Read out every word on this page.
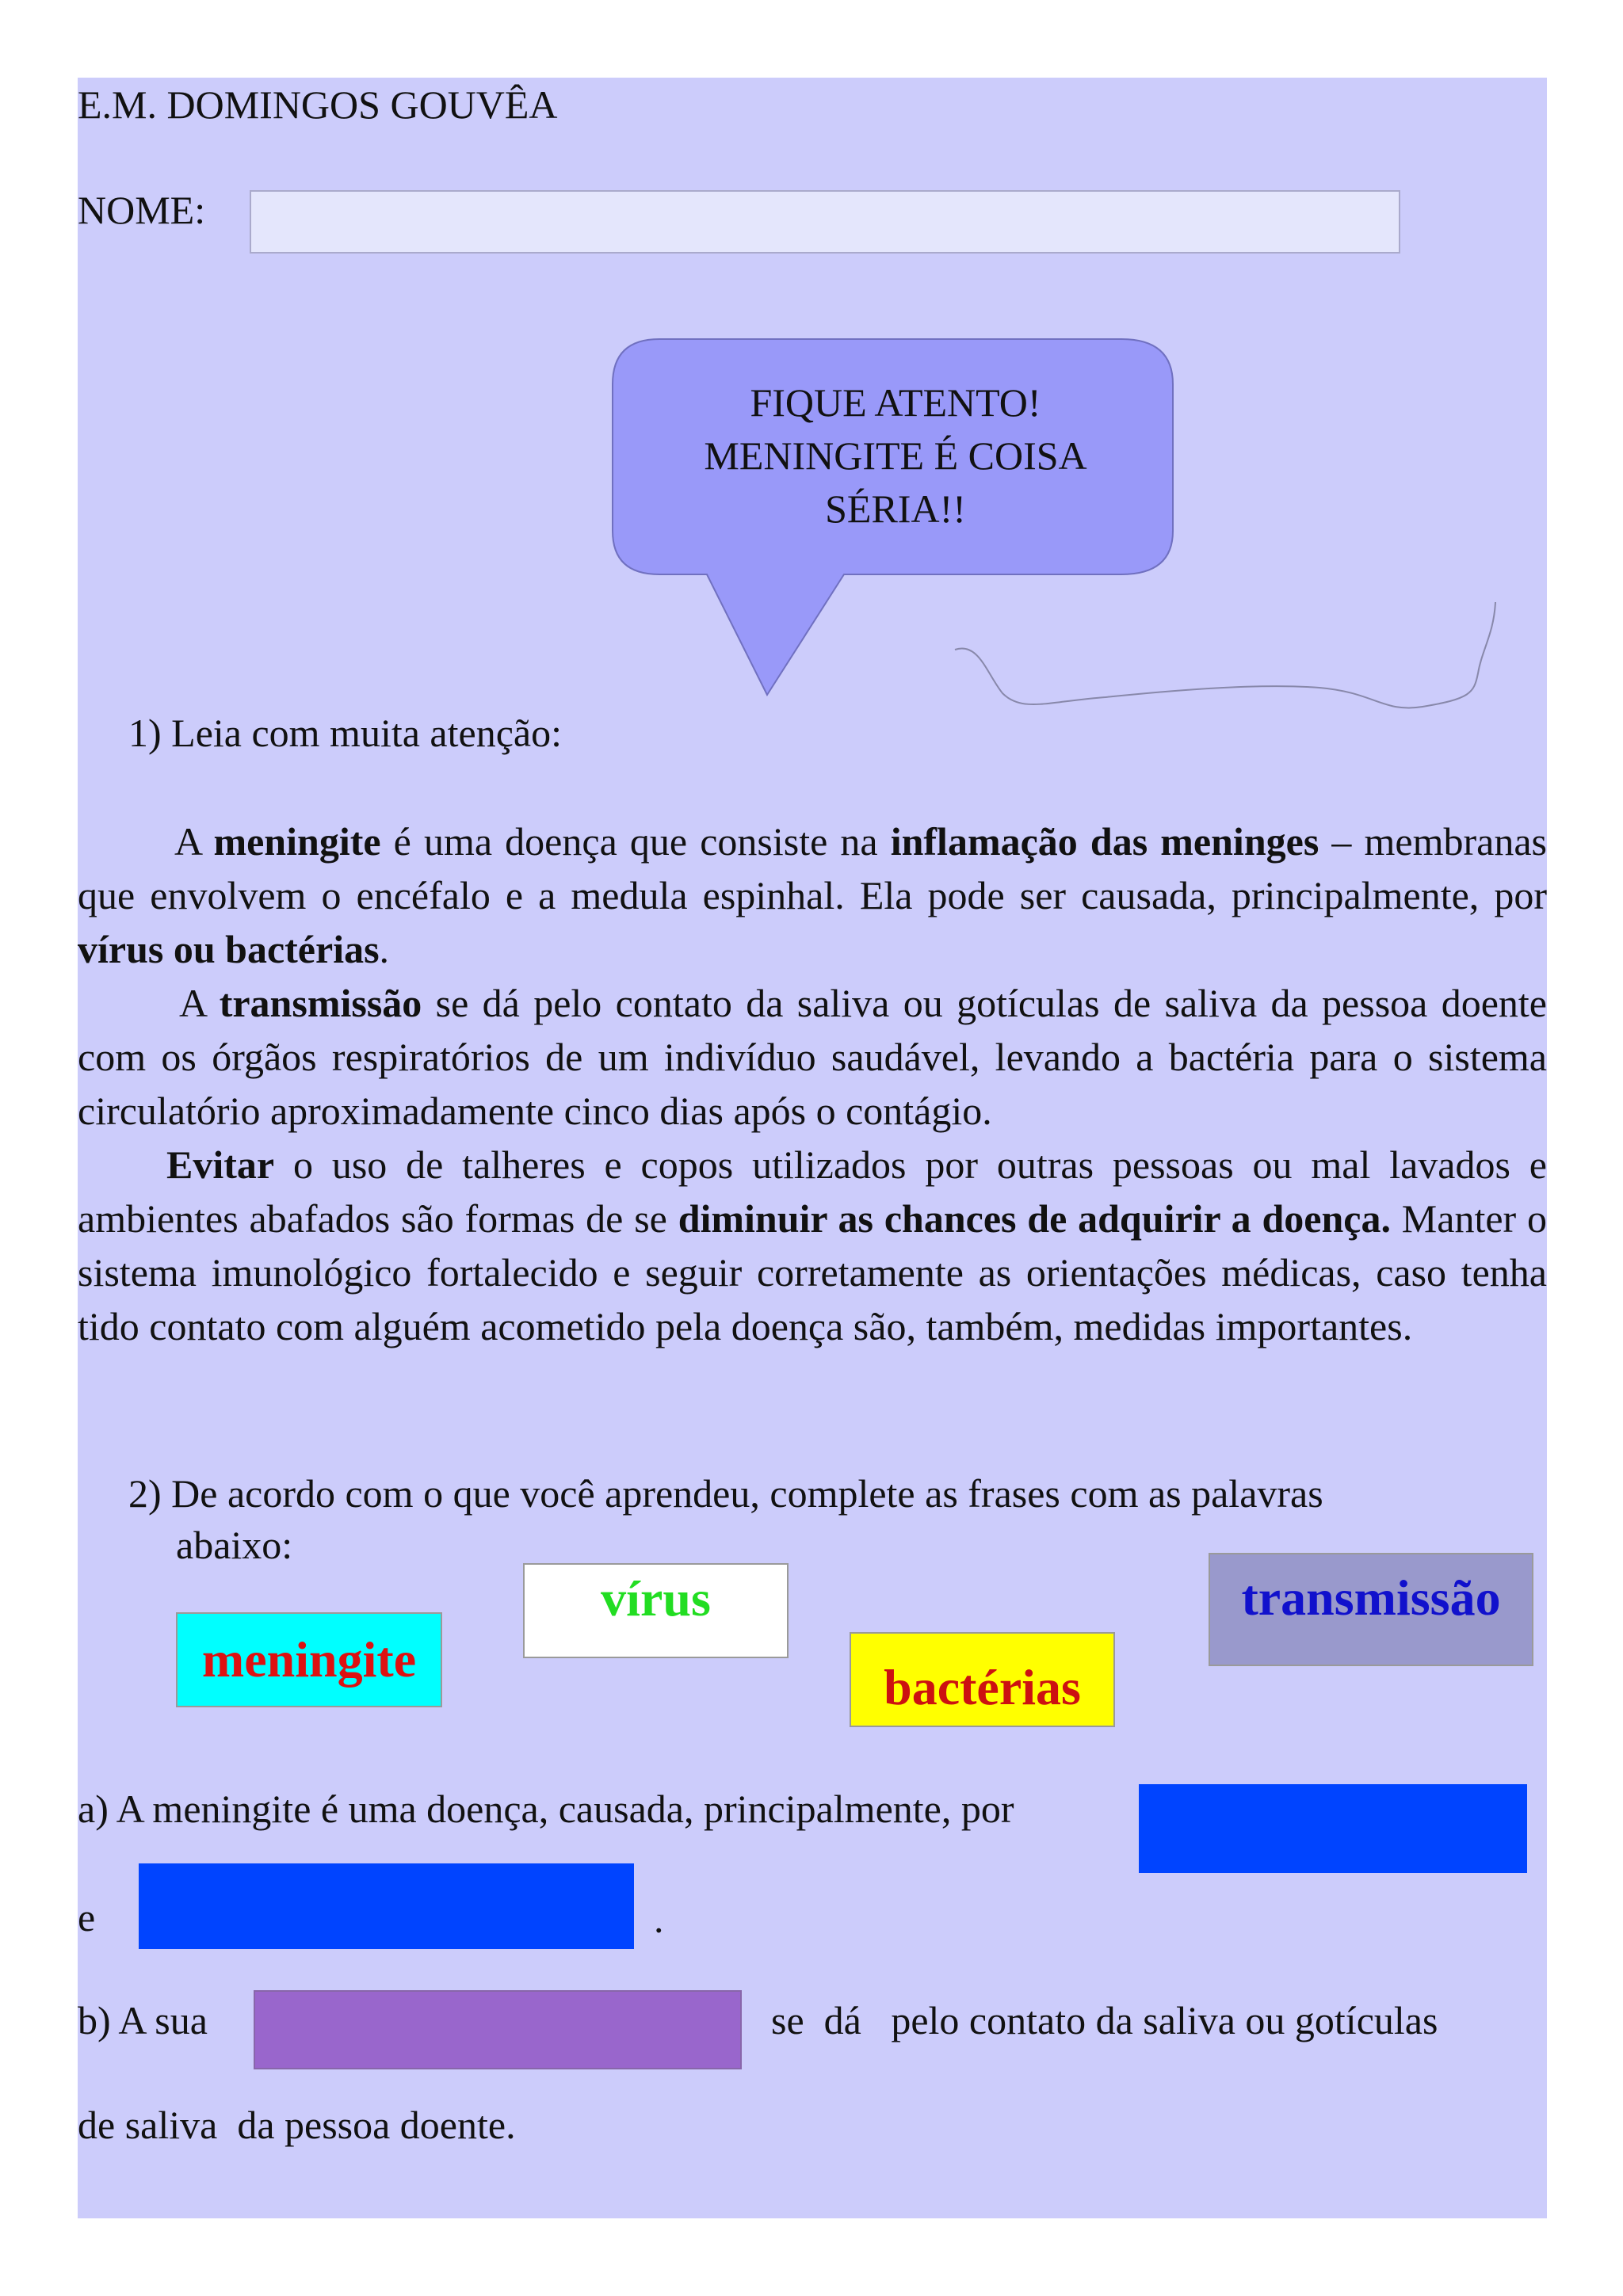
E.M. DOMINGOS GOUVÊA
NOME:
FIQUE ATENTO!
MENINGITE É COISA
SÉRIA!!
1) Leia com muita atenção:
A meningite é uma doença que consiste na inflamação das meninges – membranas que envolvem o encéfalo e a medula espinhal. Ela pode ser causada, principalmente, por vírus ou bactérias.
A transmissão se dá pelo contato da saliva ou gotículas de saliva da pessoa doente com os órgãos respiratórios de um indivíduo saudável, levando a bactéria para o sistema circulatório aproximadamente cinco dias após o contágio.
Evitar o uso de talheres e copos utilizados por outras pessoas ou mal lavados e ambientes abafados são formas de se diminuir as chances de adquirir a doença. Manter o sistema imunológico fortalecido e seguir corretamente as orientações médicas, caso tenha tido contato com alguém acometido pela doença são, também, medidas importantes.
2) De acordo com o que você aprendeu, complete as frases com as palavras
abaixo:
meningite
vírus
bactérias
transmissão
a) A meningite é uma doença, causada, principalmente, por
e	.
b) A sua	se  dá   pelo contato da saliva ou gotículas
de saliva  da pessoa doente.
